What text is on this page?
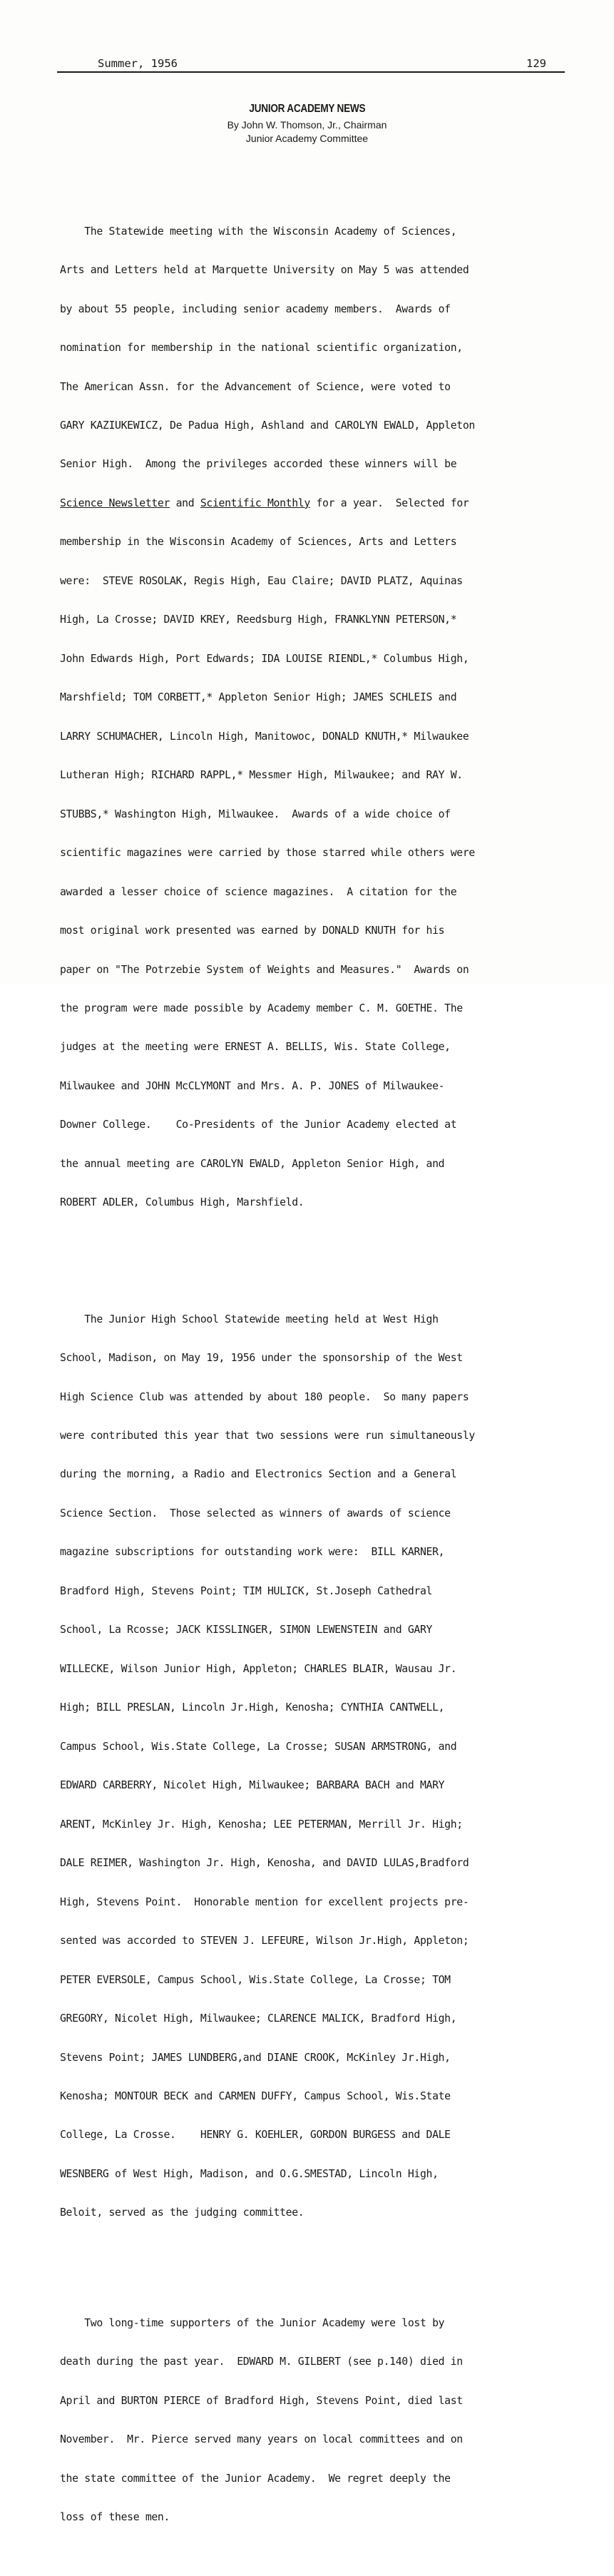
Summer, 1956	129
JUNIOR ACADEMY NEWS
By John W. Thomson, Jr., Chairman
Junior Academy Committee

The Statewide meeting with the Wisconsin Academy of Sciences,

Arts and Letters held at Marquette University on May 5 was attended

by about 55 people, including senior academy members.  Awards of

nomination for membership in the national scientific organization,

The American Assn. for the Advancement of Science, were voted to

GARY KAZIUKEWICZ, De Padua High, Ashland and CAROLYN EWALD, Appleton

Senior High.  Among the privileges accorded these winners will be

Science Newsletter and Scientific Monthly for a year.  Selected for

membership in the Wisconsin Academy of Sciences, Arts and Letters

were:  STEVE ROSOLAK, Regis High, Eau Claire; DAVID PLATZ, Aquinas

High, La Crosse; DAVID KREY, Reedsburg High, FRANKLYNN PETERSON,*

John Edwards High, Port Edwards; IDA LOUISE RIENDL,* Columbus High,

Marshfield; TOM CORBETT,* Appleton Senior High; JAMES SCHLEIS and

LARRY SCHUMACHER, Lincoln High, Manitowoc, DONALD KNUTH,* Milwaukee

Lutheran High; RICHARD RAPPL,* Messmer High, Milwaukee; and RAY W.

STUBBS,* Washington High, Milwaukee.  Awards of a wide choice of

scientific magazines were carried by those starred while others were

awarded a lesser choice of science magazines.  A citation for the

most original work presented was earned by DONALD KNUTH for his

paper on "The Potrzebie System of Weights and Measures."  Awards on

the program were made possible by Academy member C. M. GOETHE. The

judges at the meeting were ERNEST A. BELLIS, Wis. State College,

Milwaukee and JOHN McCLYMONT and Mrs. A. P. JONES of Milwaukee-

Downer College.    Co-Presidents of the Junior Academy elected at

the annual meeting are CAROLYN EWALD, Appleton Senior High, and

ROBERT ADLER, Columbus High, Marshfield.

The Junior High School Statewide meeting held at West High

School, Madison, on May 19, 1956 under the sponsorship of the West

High Science Club was attended by about 180 people.  So many papers

were contributed this year that two sessions were run simultaneously

during the morning, a Radio and Electronics Section and a General

Science Section.  Those selected as winners of awards of science

magazine subscriptions for outstanding work were:  BILL KARNER,

Bradford High, Stevens Point; TIM HULICK, St.Joseph Cathedral

School, La Rcosse; JACK KISSLINGER, SIMON LEWENSTEIN and GARY

WILLECKE, Wilson Junior High, Appleton; CHARLES BLAIR, Wausau Jr.

High; BILL PRESLAN, Lincoln Jr.High, Kenosha; CYNTHIA CANTWELL,

Campus School, Wis.State College, La Crosse; SUSAN ARMSTRONG, and

EDWARD CARBERRY, Nicolet High, Milwaukee; BARBARA BACH and MARY

ARENT, McKinley Jr. High, Kenosha; LEE PETERMAN, Merrill Jr. High;

DALE REIMER, Washington Jr. High, Kenosha, and DAVID LULAS,Bradford

High, Stevens Point.  Honorable mention for excellent projects pre-

sented was accorded to STEVEN J. LEFEURE, Wilson Jr.High, Appleton;

PETER EVERSOLE, Campus School, Wis.State College, La Crosse; TOM

GREGORY, Nicolet High, Milwaukee; CLARENCE MALICK, Bradford High,

Stevens Point; JAMES LUNDBERG,and DIANE CROOK, McKinley Jr.High,

Kenosha; MONTOUR BECK and CARMEN DUFFY, Campus School, Wis.State

College, La Crosse.    HENRY G. KOEHLER, GORDON BURGESS and DALE

WESNBERG of West High, Madison, and O.G.SMESTAD, Lincoln High,

Beloit, served as the judging committee.

Two long-time supporters of the Junior Academy were lost by

death during the past year.  EDWARD M. GILBERT (see p.140) died in

April and BURTON PIERCE of Bradford High, Stevens Point, died last

November.  Mr. Pierce served many years on local committees and on

the state committee of the Junior Academy.  We regret deeply the

loss of these men.
